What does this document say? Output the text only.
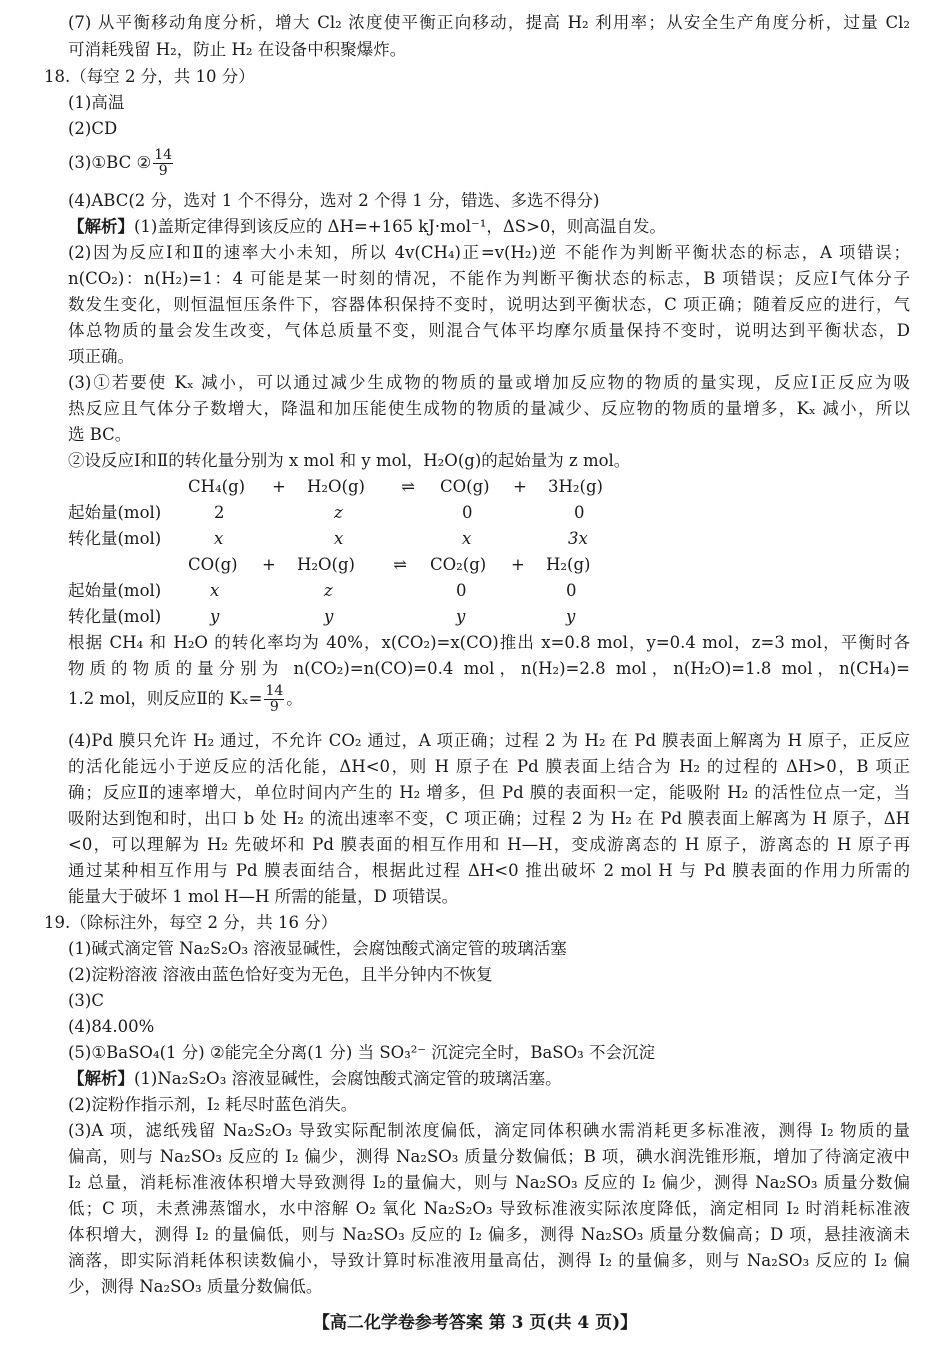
(7) 从平衡移动角度分析，增大 Cl₂ 浓度使平衡正向移动，提高 H₂ 利用率；从安全生产角度分析，过量 Cl₂
可消耗残留 H₂，防止 H₂ 在设备中积聚爆炸。
18.（每空 2 分，共 10 分）
(1)高温
(2)CD
(3)①BC ② $\frac{14}{9}$
(4)ABC(2 分，选对 1 个不得分，选对 2 个得 1 分，错选、多选不得分)
【解析】(1)盖斯定律得到该反应的 ΔH=+165 kJ·mol⁻¹，ΔS>0，则高温自发。
(2)因为反应Ⅰ和Ⅱ的速率大小未知，所以 4v(CH₄)正=v(H₂)逆 不能作为判断平衡状态的标志，A 项错误；
n(CO₂)：n(H₂)=1：4 可能是某一时刻的情况，不能作为判断平衡状态的标志，B 项错误；反应Ⅰ气体分子
数发生变化，则恒温恒压条件下，容器体积保持不变时，说明达到平衡状态，C 项正确；随着反应的进行，气
体总物质的量会发生改变，气体总质量不变，则混合气体平均摩尔质量保持不变时，说明达到平衡状态，D
项正确。
(3)①若要使 Kₓ 减小，可以通过减少生成物的物质的量或增加反应物的物质的量实现，反应Ⅰ正反应为吸
热反应且气体分子数增大，降温和加压能使生成物的物质的量减少、反应物的物质的量增多，Kₓ 减小，所以
选 BC。
②设反应Ⅰ和Ⅱ的转化量分别为 x mol 和 y mol，H₂O(g)的起始量为 z mol。
CH₄(g) + H₂O(g)	⇌	CO(g) + 3H₂(g)
起始量(mol)	2	z	0	0
转化量(mol)	x	x	x	3x
CO(g) + H₂O(g)	⇌	CO₂(g) + H₂(g)
起始量(mol)	x	z	0	0
转化量(mol)	y	y	y	y
根据 CH₄ 和 H₂O 的转化率均为 40%，x(CO₂)=x(CO)推出 x=0.8 mol，y=0.4 mol，z=3 mol，平衡时各
物质的物质的量分别为 n(CO₂)=n(CO)=0.4 mol，n(H₂)=2.8 mol，n(H₂O)=1.8 mol，n(CH₄)=
1.2 mol，则反应Ⅱ的 $K_x= \frac{14}{9}$ 。
(4)Pd 膜只允许 H₂ 通过，不允许 CO₂ 通过，A 项正确；过程 2 为 H₂ 在 Pd 膜表面上解离为 H 原子，正反应
的活化能远小于逆反应的活化能，ΔH<0，则 H 原子在 Pd 膜表面上结合为 H₂ 的过程的 ΔH>0，B 项正
确；反应Ⅱ的速率增大，单位时间内产生的 H₂ 增多，但 Pd 膜的表面积一定，能吸附 H₂ 的活性位点一定，当
吸附达到饱和时，出口 b 处 H₂ 的流出速率不变，C 项正确；过程 2 为 H₂ 在 Pd 膜表面上解离为 H 原子，ΔH
<0，可以理解为 H₂ 先破坏和 Pd 膜表面的相互作用和 H—H，变成游离态的 H 原子，游离态的 H 原子再
通过某种相互作用与 Pd 膜表面结合，根据此过程 ΔH<0 推出破坏 2 mol H 与 Pd 膜表面的作用力所需的
能量大于破坏 1 mol H—H 所需的能量，D 项错误。
19.（除标注外，每空 2 分，共 16 分）
(1)碱式滴定管 Na₂S₂O₃ 溶液显碱性，会腐蚀酸式滴定管的玻璃活塞
(2)淀粉溶液 溶液由蓝色恰好变为无色，且半分钟内不恢复
(3)C
(4)84.00%
(5)①BaSO₄(1 分) ②能完全分离(1 分) 当 SO₃²⁻ 沉淀完全时，BaSO₃ 不会沉淀
【解析】(1)Na₂S₂O₃ 溶液显碱性，会腐蚀酸式滴定管的玻璃活塞。
(2)淀粉作指示剂，I₂ 耗尽时蓝色消失。
(3)A 项，滤纸残留 Na₂S₂O₃ 导致实际配制浓度偏低，滴定同体积碘水需消耗更多标准液，测得 I₂ 物质的量
偏高，则与 Na₂SO₃ 反应的 I₂ 偏少，测得 Na₂SO₃ 质量分数偏低；B 项，碘水润洗锥形瓶，增加了待滴定液中
I₂ 总量，消耗标准液体积增大导致测得 I₂的量偏大，则与 Na₂SO₃ 反应的 I₂ 偏少，测得 Na₂SO₃ 质量分数偏
低；C 项，未煮沸蒸馏水，水中溶解 O₂ 氧化 Na₂S₂O₃ 导致标准液实际浓度降低，滴定相同 I₂ 时消耗标准液
体积增大，测得 I₂ 的量偏低，则与 Na₂SO₃ 反应的 I₂ 偏多，测得 Na₂SO₃ 质量分数偏高；D 项，悬挂液滴未
滴落，即实际消耗体积读数偏小，导致计算时标准液用量高估，测得 I₂ 的量偏多，则与 Na₂SO₃ 反应的 I₂ 偏
少，测得 Na₂SO₃ 质量分数偏低。
【高二化学卷参考答案 第 3 页(共 4 页)】
